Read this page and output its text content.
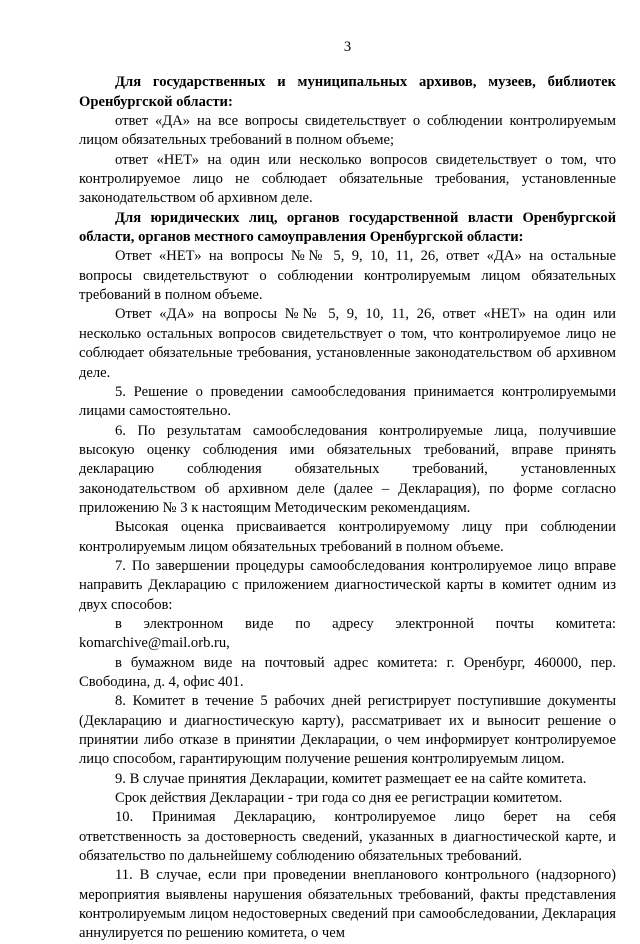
3

Для государственных и муниципальных архивов, музеев, библиотек Оренбургской области:

ответ «ДА» на все вопросы свидетельствует о соблюдении контролируемым лицом обязательных требований в полном объеме;

ответ «НЕТ» на один или несколько вопросов свидетельствует о том, что контролируемое лицо не соблюдает обязательные требования, установленные законодательством об архивном деле.

Для юридических лиц, органов государственной власти Оренбургской области, органов местного самоуправления Оренбургской области:

Ответ «НЕТ» на вопросы №№ 5, 9, 10, 11, 26, ответ «ДА» на остальные вопросы свидетельствуют о соблюдении контролируемым лицом обязательных требований в полном объеме.

Ответ «ДА» на вопросы №№ 5, 9, 10, 11, 26, ответ «НЕТ» на один или несколько остальных вопросов свидетельствует о том, что контролируемое лицо не соблюдает обязательные требования, установленные законодательством об архивном деле.

5. Решение о проведении самообследования принимается контролируемыми лицами самостоятельно.

6. По результатам самообследования контролируемые лица, получившие высокую оценку соблюдения ими обязательных требований, вправе принять декларацию соблюдения обязательных требований, установленных законодательством об архивном деле (далее – Декларация), по форме согласно приложению № 3 к настоящим Методическим рекомендациям.

Высокая оценка присваивается контролируемому лицу при соблюдении контролируемым лицом обязательных требований в полном объеме.

7. По завершении процедуры самообследования контролируемое лицо вправе направить Декларацию с приложением диагностической карты в комитет одним из двух способов:

в электронном виде по адресу электронной почты комитета: komarchive@mail.orb.ru,

в бумажном виде на почтовый адрес комитета: г. Оренбург, 460000, пер. Свободина, д. 4, офис 401.

8. Комитет в течение 5 рабочих дней регистрирует поступившие документы (Декларацию и диагностическую карту), рассматривает их и выносит решение о принятии либо отказе в принятии Декларации, о чем информирует контролируемое лицо способом, гарантирующим получение решения контролируемым лицом.

9. В случае принятия Декларации, комитет размещает ее на сайте комитета.

Срок действия Декларации - три года со дня ее регистрации комитетом.

10. Принимая Декларацию, контролируемое лицо берет на себя ответственность за достоверность сведений, указанных в диагностической карте, и обязательство по дальнейшему соблюдению обязательных требований.

11. В случае, если при проведении внепланового контрольного (надзорного) мероприятия выявлены нарушения обязательных требований, факты представления контролируемым лицом недостоверных сведений при самообследовании, Декларация аннулируется по решению комитета, о чем
